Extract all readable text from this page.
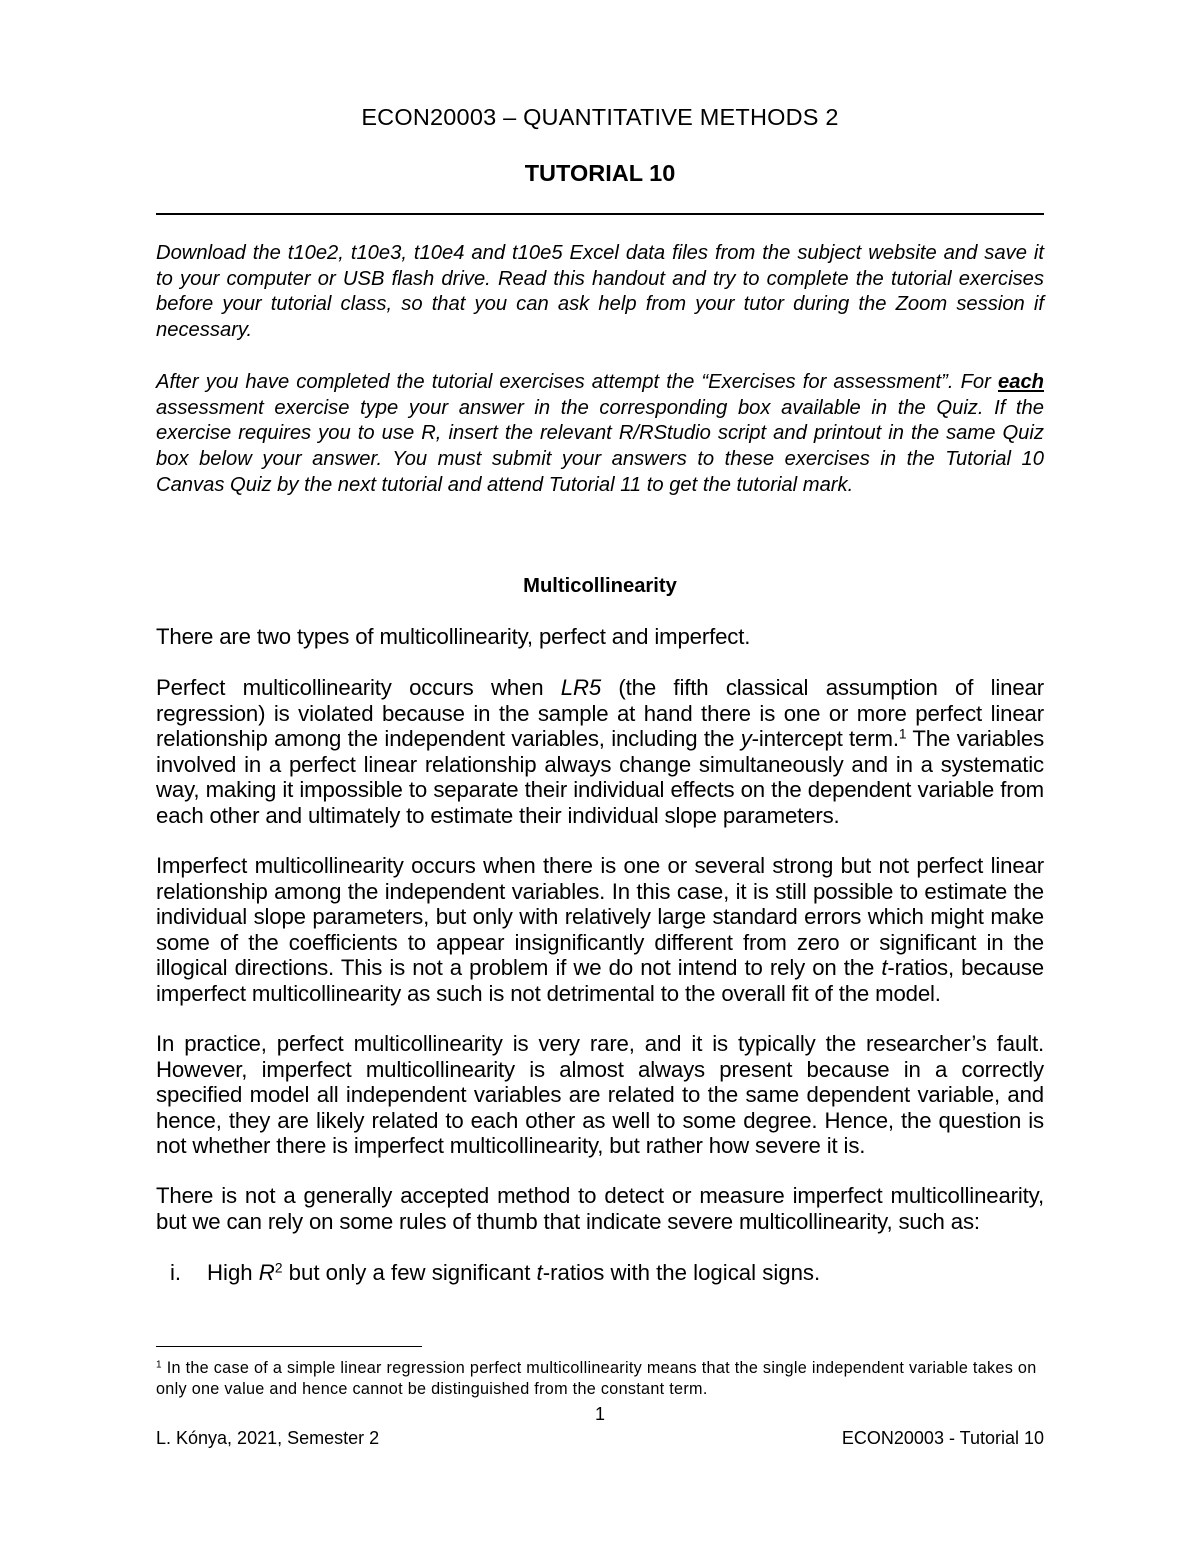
ECON20003 – QUANTITATIVE METHODS 2
TUTORIAL 10

Download the t10e2, t10e3, t10e4 and t10e5 Excel data files from the subject website and save it to your computer or USB flash drive. Read this handout and try to complete the tutorial exercises before your tutorial class, so that you can ask help from your tutor during the Zoom session if necessary.

After you have completed the tutorial exercises attempt the “Exercises for assessment”. For each assessment exercise type your answer in the corresponding box available in the Quiz. If the exercise requires you to use R, insert the relevant R/RStudio script and printout in the same Quiz box below your answer. You must submit your answers to these exercises in the Tutorial 10 Canvas Quiz by the next tutorial and attend Tutorial 11 to get the tutorial mark.

Multicollinearity

There are two types of multicollinearity, perfect and imperfect.

Perfect multicollinearity occurs when LR5 (the fifth classical assumption of linear regression) is violated because in the sample at hand there is one or more perfect linear relationship among the independent variables, including the y-intercept term.$^1$ The variables involved in a perfect linear relationship always change simultaneously and in a systematic way, making it impossible to separate their individual effects on the dependent variable from each other and ultimately to estimate their individual slope parameters.

Imperfect multicollinearity occurs when there is one or several strong but not perfect linear relationship among the independent variables. In this case, it is still possible to estimate the individual slope parameters, but only with relatively large standard errors which might make some of the coefficients to appear insignificantly different from zero or significant in the illogical directions. This is not a problem if we do not intend to rely on the t-ratios, because imperfect multicollinearity as such is not detrimental to the overall fit of the model.

In practice, perfect multicollinearity is very rare, and it is typically the researcher’s fault. However, imperfect multicollinearity is almost always present because in a correctly specified model all independent variables are related to the same dependent variable, and hence, they are likely related to each other as well to some degree. Hence, the question is not whether there is imperfect multicollinearity, but rather how severe it is.

There is not a generally accepted method to detect or measure imperfect multicollinearity, but we can rely on some rules of thumb that indicate severe multicollinearity, such as:

i. High $R^2$ but only a few significant t-ratios with the logical signs.

$^1$ In the case of a simple linear regression perfect multicollinearity means that the single independent variable takes on only one value and hence cannot be distinguished from the constant term.

1
L. Kónya, 2021, Semester 2	ECON20003 - Tutorial 10
